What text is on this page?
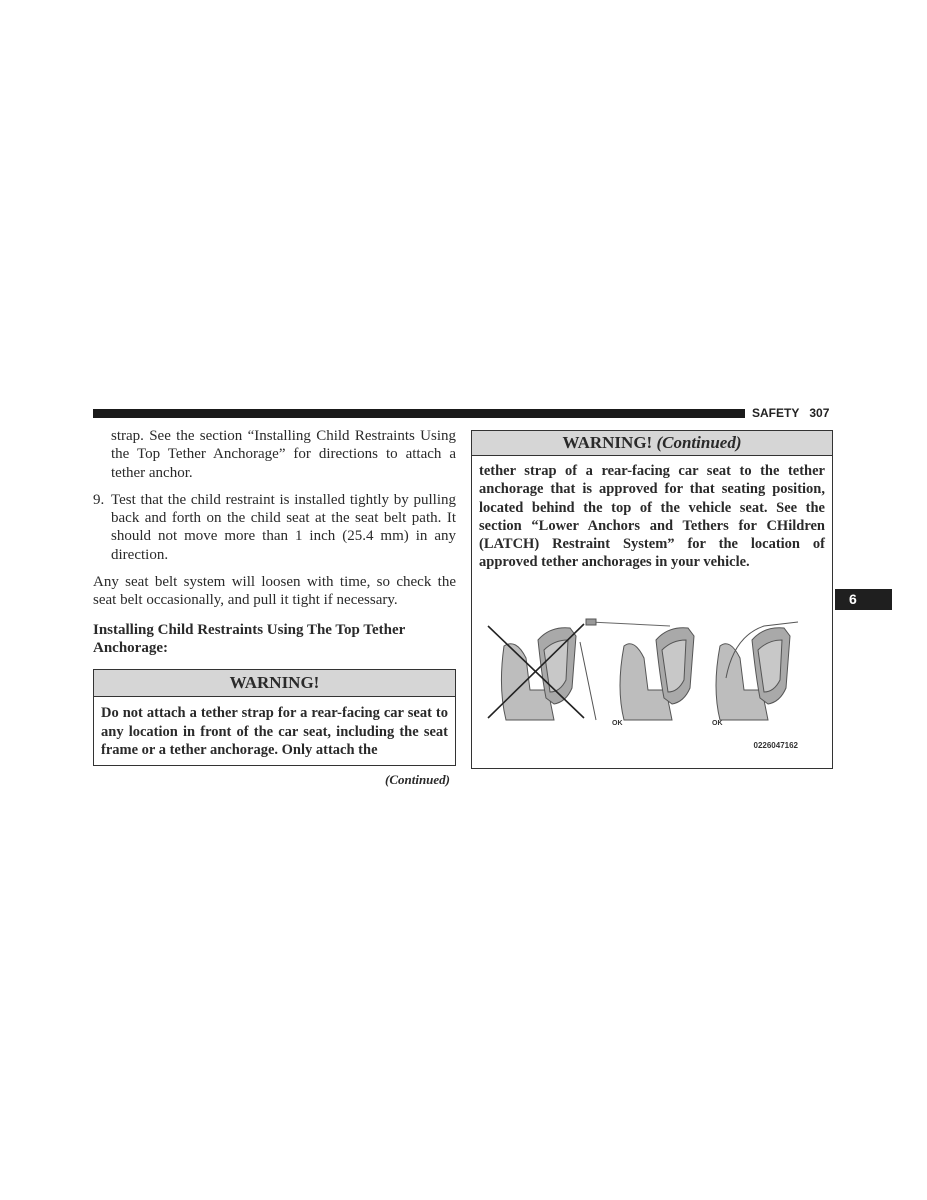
SAFETY 307
6

strap. See the section “Installing Child Restraints Using the Top Tether Anchorage” for directions to attach a tether anchor.

9. Test that the child restraint is installed tightly by pulling back and forth on the child seat at the seat belt path. It should not move more than 1 inch (25.4 mm) in any direction.

Any seat belt system will loosen with time, so check the seat belt occasionally, and pull it tight if necessary.

Installing Child Restraints Using The Top Tether Anchorage:

WARNING!
Do not attach a tether strap for a rear-facing car seat to any location in front of the car seat, including the seat frame or a tether anchorage. Only attach the
(Continued)
WARNING! (Continued)
tether strap of a rear-facing car seat to the tether anchorage that is approved for that seating position, located behind the top of the vehicle seat. See the section “Lower Anchors and Tethers for CHildren (LATCH) Restraint System” for the location of approved tether anchorages in your vehicle.
OK	OK
0226047162
